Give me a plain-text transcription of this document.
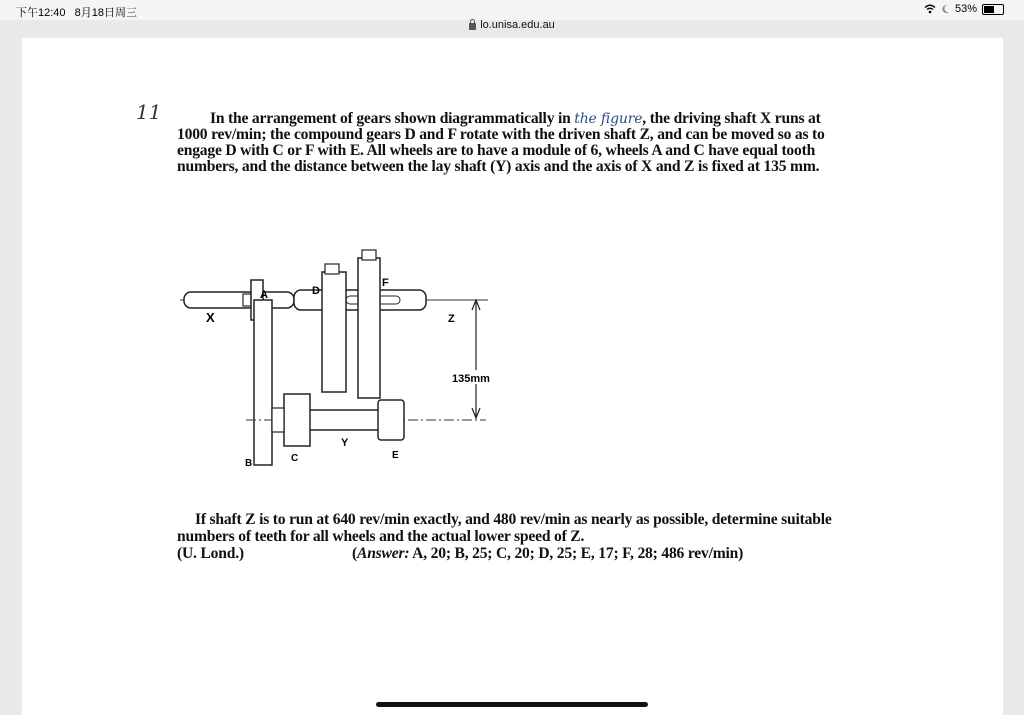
下午12:40 8月18日周三	53%
lo.unisa.edu.au
11	In the arrangement of gears shown diagrammatically in the figure, the driving shaft X runs at 1000 rev/min; the compound gears D and F rotate with the driven shaft Z, and can be moved so as to engage D with C or F with E. All wheels are to have a module of 6, wheels A and C have equal tooth numbers, and the distance between the lay shaft (Y) axis and the axis of X and Z is fixed at 135 mm.
X
A	D
F
Z
B	C
Y
E
135mm
If shaft Z is to run at 640 rev/min exactly, and 480 rev/min as nearly as possible, determine suitable numbers of teeth for all wheels and the actual lower speed of Z.
(U. Lond.)	(Answer: A, 20; B, 25; C, 20; D, 25; E, 17; F, 28; 486 rev/min)
